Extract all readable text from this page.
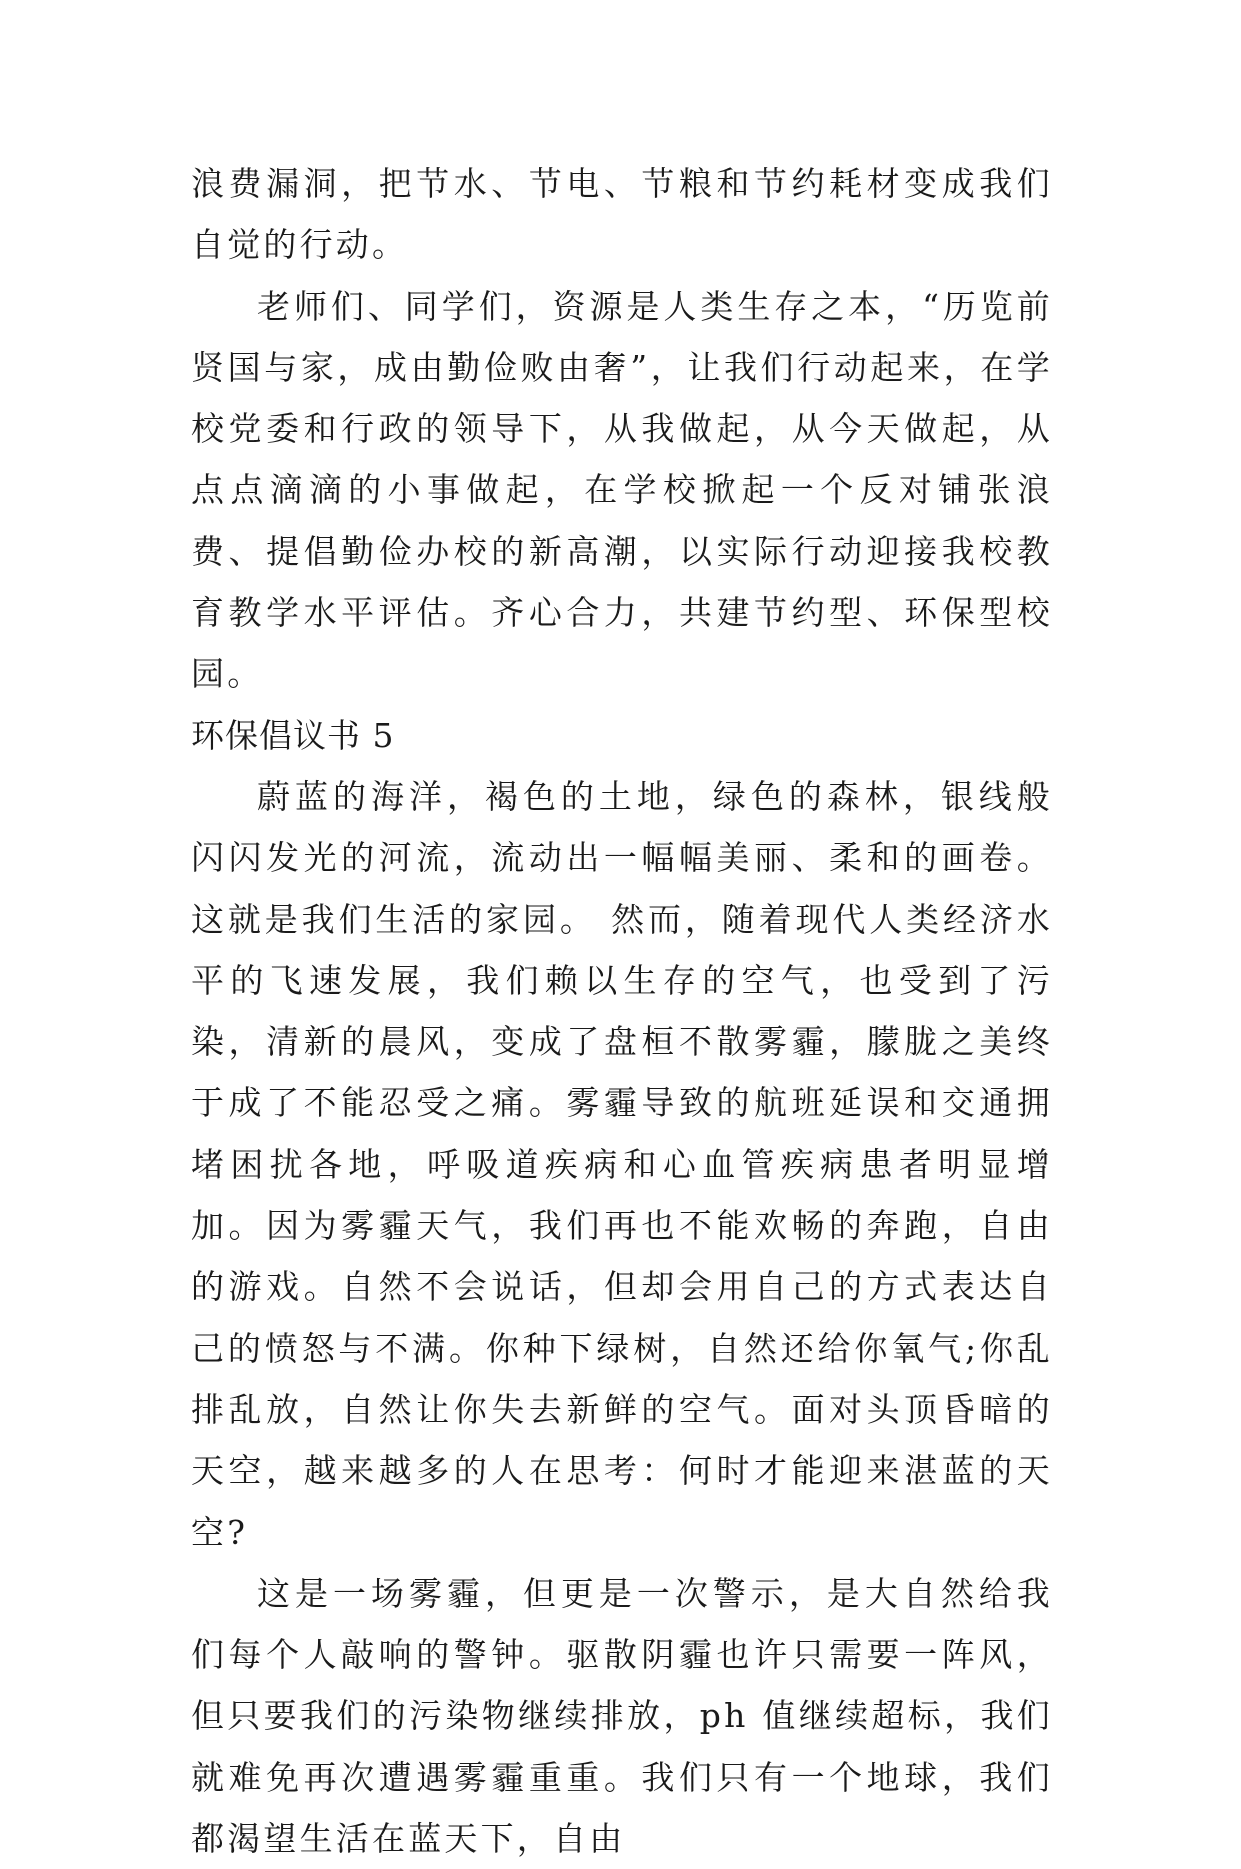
浪费漏洞，把节水、节电、节粮和节约耗材变成我们自觉的行动。

老师们、同学们，资源是人类生存之本，“历览前贤国与家，成由勤俭败由奢”，让我们行动起来，在学校党委和行政的领导下，从我做起，从今天做起，从点点滴滴的小事做起，在学校掀起一个反对铺张浪费、提倡勤俭办校的新高潮，以实际行动迎接我校教育教学水平评估。齐心合力，共建节约型、环保型校园。

环保倡议书 5

蔚蓝的海洋，褐色的土地，绿色的森林，银线般闪闪发光的河流，流动出一幅幅美丽、柔和的画卷。这就是我们生活的家园。 然而，随着现代人类经济水平的飞速发展，我们赖以生存的空气，也受到了污染，清新的晨风，变成了盘桓不散雾霾，朦胧之美终于成了不能忍受之痛。雾霾导致的航班延误和交通拥堵困扰各地，呼吸道疾病和心血管疾病患者明显增加。因为雾霾天气，我们再也不能欢畅的奔跑，自由的游戏。自然不会说话，但却会用自己的方式表达自己的愤怒与不满。你种下绿树，自然还给你氧气;你乱排乱放，自然让你失去新鲜的空气。面对头顶昏暗的天空，越来越多的人在思考：何时才能迎来湛蓝的天空?

这是一场雾霾，但更是一次警示，是大自然给我们每个人敲响的警钟。驱散阴霾也许只需要一阵风，但只要我们的污染物继续排放，ph 值继续超标，我们就难免再次遭遇雾霾重重。我们只有一个地球，我们都渴望生活在蓝天下，自由
